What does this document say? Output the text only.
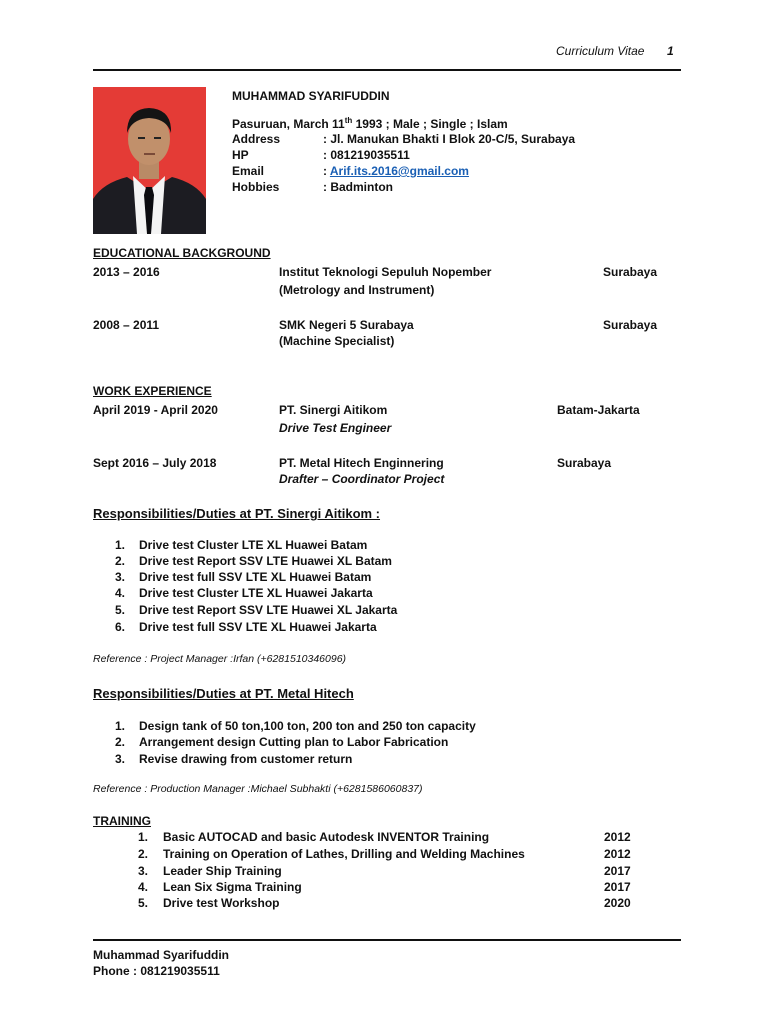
Curriculum Vitae 1
MUHAMMAD SYARIFUDDIN
Pasuruan, March 11th 1993 ; Male ; Single ; Islam
Address	: Jl. Manukan Bhakti I Blok 20-C/5, Surabaya
HP	: 081219035511
Email	: Arif.its.2016@gmail.com
Hobbies	: Badminton
EDUCATIONAL BACKGROUND
2013 – 2016	Institut Teknologi Sepuluh Nopember	Surabaya
(Metrology and Instrument)
2008 – 2011	SMK Negeri 5 Surabaya	Surabaya
(Machine Specialist)
WORK EXPERIENCE
April 2019 - April 2020	PT. Sinergi Aitikom	Batam-Jakarta
Drive Test Engineer
Sept 2016 – July 2018	PT. Metal Hitech Enginnering	Surabaya
Drafter – Coordinator Project
Responsibilities/Duties at PT. Sinergi Aitikom :
1. Drive test Cluster LTE XL Huawei Batam
2. Drive test Report SSV LTE Huawei XL Batam
3. Drive test full SSV LTE XL Huawei Batam
4. Drive test Cluster LTE XL Huawei Jakarta
5. Drive test Report SSV LTE Huawei XL Jakarta
6. Drive test full SSV LTE XL Huawei Jakarta
Reference : Project Manager :Irfan (+6281510346096)
Responsibilities/Duties at PT. Metal Hitech
1. Design tank of 50 ton,100 ton, 200 ton and 250 ton capacity
2. Arrangement design Cutting plan to Labor Fabrication
3. Revise drawing from customer return
Reference : Production Manager :Michael Subhakti (+6281586060837)
TRAINING
1. Basic AUTOCAD and basic Autodesk INVENTOR Training	2012
2. Training on Operation of Lathes, Drilling and Welding Machines	2012
3. Leader Ship Training	2017
4. Lean Six Sigma Training	2017
5. Drive test Workshop	2020
Muhammad Syarifuddin
Phone : 081219035511
